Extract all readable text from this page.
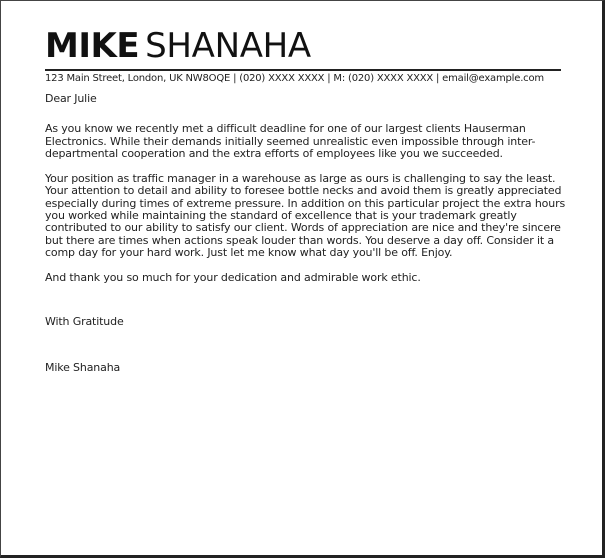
MIKE SHANAHA
123 Main Street, London, UK NW8OQE | (020) XXXX XXXX | M: (020) XXXX XXXX | email@example.com

Dear Julie

As you know we recently met a difficult deadline for one of our largest clients Hauserman Electronics. While their demands initially seemed unrealistic even impossible through inter-departmental cooperation and the extra efforts of employees like you we succeeded.

Your position as traffic manager in a warehouse as large as ours is challenging to say the least. Your attention to detail and ability to foresee bottle necks and avoid them is greatly appreciated especially during times of extreme pressure. In addition on this particular project the extra hours you worked while maintaining the standard of excellence that is your trademark greatly contributed to our ability to satisfy our client. Words of appreciation are nice and they're sincere but there are times when actions speak louder than words. You deserve a day off. Consider it a comp day for your hard work. Just let me know what day you'll be off. Enjoy.

And thank you so much for your dedication and admirable work ethic.

With Gratitude

Mike Shanaha
